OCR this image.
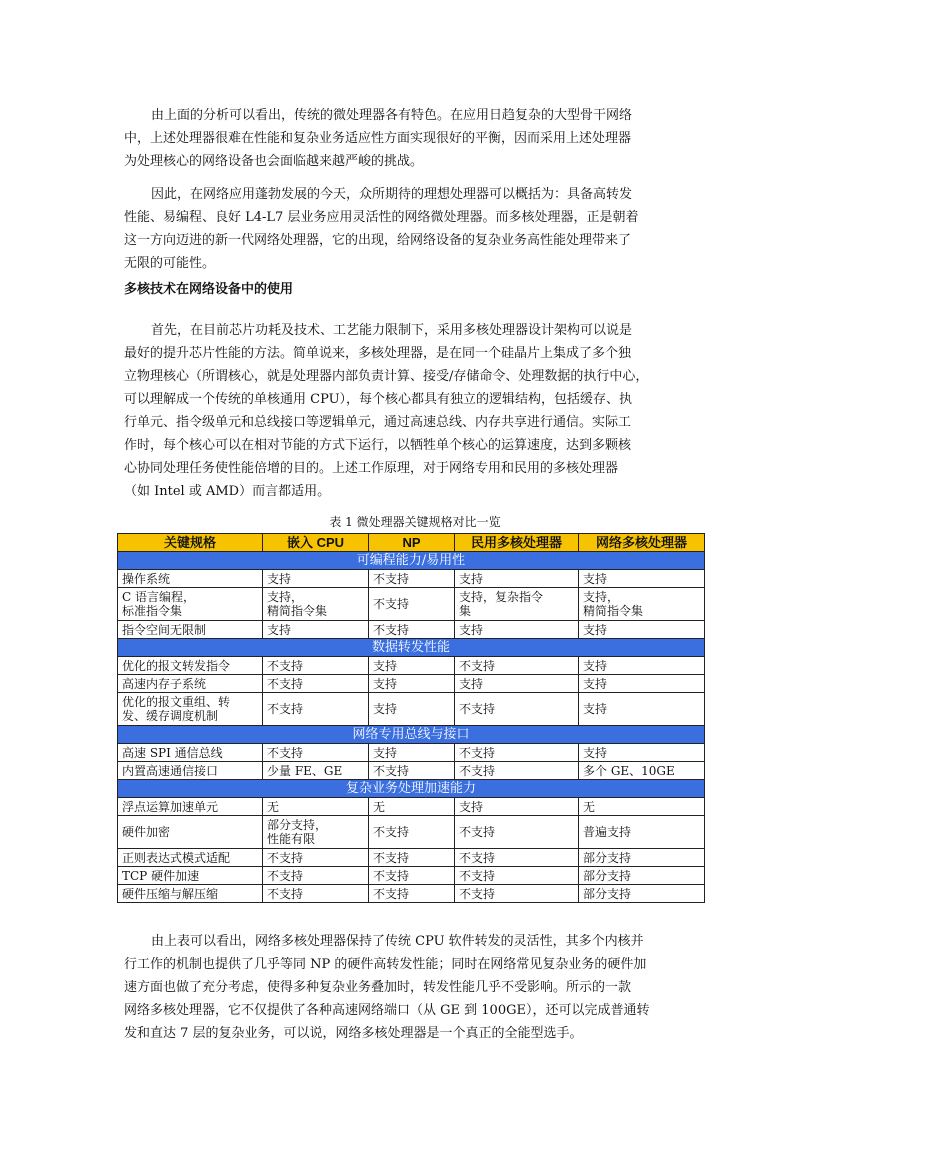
由上面的分析可以看出，传统的微处理器各有特色。在应用日趋复杂的大型骨干网络
中，上述处理器很难在性能和复杂业务适应性方面实现很好的平衡，因而采用上述处理器
为处理核心的网络设备也会面临越来越严峻的挑战。
因此，在网络应用蓬勃发展的今天，众所期待的理想处理器可以概括为：具备高转发
性能、易编程、良好 L4-L7 层业务应用灵活性的网络微处理器。而多核处理器，正是朝着
这一方向迈进的新一代网络处理器，它的出现，给网络设备的复杂业务高性能处理带来了
无限的可能性。
多核技术在网络设备中的使用
首先，在目前芯片功耗及技术、工艺能力限制下，采用多核处理器设计架构可以说是
最好的提升芯片性能的方法。简单说来，多核处理器，是在同一个硅晶片上集成了多个独
立物理核心（所谓核心，就是处理器内部负责计算、接受/存储命令、处理数据的执行中心，
可以理解成一个传统的单核通用 CPU），每个核心都具有独立的逻辑结构，包括缓存、执
行单元、指令级单元和总线接口等逻辑单元，通过高速总线、内存共享进行通信。实际工
作时，每个核心可以在相对节能的方式下运行，以牺牲单个核心的运算速度，达到多颗核
心协同处理任务使性能倍增的目的。上述工作原理，对于网络专用和民用的多核处理器
（如 Intel 或 AMD）而言都适用。
表 1 微处理器关键规格对比一览
关键规格	嵌入 CPU	NP	民用多核处理器	网络多核处理器
可编程能力/易用性				
操作系统	支持	不支持	支持	支持
C 语言编程，
标准指令集	支持，
精简指令集	不支持	支持，复杂指令
集	支持，
精简指令集
指令空间无限制	支持	不支持	支持	支持
数据转发性能				
优化的报文转发指令	不支持	支持	不支持	支持
高速内存子系统	不支持	支持	支持	支持
优化的报文重组、转
发、缓存调度机制	不支持	支持	不支持	支持
网络专用总线与接口				
高速 SPI 通信总线	不支持	支持	不支持	支持
内置高速通信接口	少量 FE、GE	不支持	不支持	多个 GE、10GE
复杂业务处理加速能力				
浮点运算加速单元	无	无	支持	无
硬件加密	部分支持，
性能有限	不支持	不支持	普遍支持
正则表达式模式适配	不支持	不支持	不支持	部分支持
TCP 硬件加速	不支持	不支持	不支持	部分支持
硬件压缩与解压缩	不支持	不支持	不支持	部分支持
由上表可以看出，网络多核处理器保持了传统 CPU 软件转发的灵活性，其多个内核并
行工作的机制也提供了几乎等同 NP 的硬件高转发性能；同时在网络常见复杂业务的硬件加
速方面也做了充分考虑，使得多种复杂业务叠加时，转发性能几乎不受影响。所示的一款
网络多核处理器，它不仅提供了各种高速网络端口（从 GE 到 100GE），还可以完成普通转
发和直达 7 层的复杂业务，可以说，网络多核处理器是一个真正的全能型选手。
